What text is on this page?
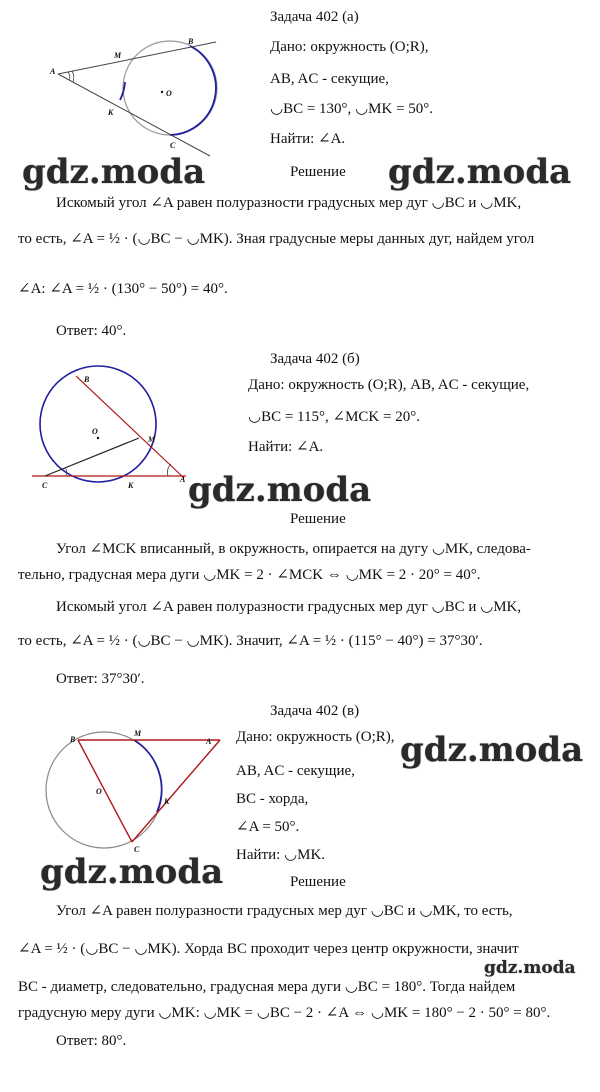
Задача 402 (а)
A
B
M
K
C
O
Дано: окружность (O;R),
AB, AC - секущие,
◡BC = 130°, ◡MK = 50°.
Найти: ∠A.
gdz.moda	Решение gdz.moda
Искомый угол ∠A равен полуразности градусных мер дуг ◡BC и ◡MK,
то есть, ∠A = ½ · (◡BC − ◡MK). Зная градусные меры данных дуг, найдем угол
∠A: ∠A = ½ · (130° − 50°) = 40°.
Ответ: 40°.
Задача 402 (б)
B
M
O
C	K
A
Дано: окружность (O;R), AB, AC - секущие,
◡BC = 115°, ∠MCK = 20°.
Найти: ∠A.
gdz.moda
Решение
Угол ∠MCK вписанный, в окружность, опирается на дугу ◡MK, следова-
тельно, градусная мера дуги ◡MK = 2 · ∠MCK ⇔ ◡MK = 2 · 20° = 40°.
Искомый угол ∠A равен полуразности градусных мер дуг ◡BC и ◡MK,
то есть, ∠A = ½ · (◡BC − ◡MK). Значит, ∠A = ½ · (115° − 40°) = 37°30′.
Ответ: 37°30′.
Задача 402 (в)
B
M
A
O
K
C
Дано: окружность (O;R), gdz.moda
AB, AC - секущие,
BC - хорда,
∠A = 50°.
Найти: ◡MK.
gdz.moda	Решение
Угол ∠A равен полуразности градусных мер дуг ◡BC и ◡MK, то есть,
∠A = ½ · (◡BC − ◡MK). Хорда BC проходит через центр окружности, значит
gdz.moda
BC - диаметр, следовательно, градусная мера дуги ◡BC = 180°. Тогда найдем
градусную меру дуги ◡MK: ◡MK = ◡BC − 2 · ∠A ⇔ ◡MK = 180° − 2 · 50° = 80°.
Ответ: 80°.
